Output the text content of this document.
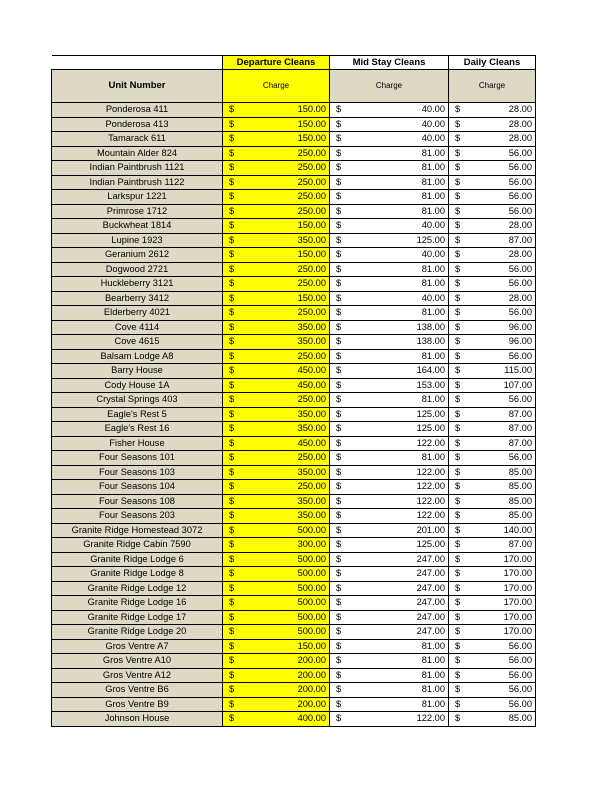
	Departure Cleans	Mid Stay Cleans	Daily Cleans
Unit Number	Charge	Charge	Charge
Ponderosa 411	$ 150.00	$ 40.00	$ 28.00

Ponderosa 413	$ 150.00	$ 40.00	$ 28.00

Tamarack 611	$ 150.00	$ 40.00	$ 28.00

Mountain Alder 824	$ 250.00	$ 81.00	$ 56.00

Indian Paintbrush 1121	$ 250.00	$ 81.00	$ 56.00

Indian Paintbrush 1122	$ 250.00	$ 81.00	$ 56.00

Larkspur 1221	$ 250.00	$ 81.00	$ 56.00

Primrose 1712	$ 250.00	$ 81.00	$ 56.00

Buckwheat 1814	$ 150.00	$ 40.00	$ 28.00

Lupine 1923	$ 350.00	$ 125.00	$ 87.00

Geranium 2612	$ 150.00	$ 40.00	$ 28.00

Dogwood 2721	$ 250.00	$ 81.00	$ 56.00

Huckleberry 3121	$ 250.00	$ 81.00	$ 56.00

Bearberry 3412	$ 150.00	$ 40.00	$ 28.00

Elderberry 4021	$ 250.00	$ 81.00	$ 56.00

Cove 4114	$ 350.00	$ 138.00	$ 96.00

Cove 4615	$ 350.00	$ 138.00	$ 96.00

Balsam Lodge A8	$ 250.00	$ 81.00	$ 56.00

Barry House	$ 450.00	$ 164.00	$ 115.00

Cody House 1A	$ 450.00	$ 153.00	$ 107.00

Crystal Springs 403	$ 250.00	$ 81.00	$ 56.00

Eagle's Rest 5	$ 350.00	$ 125.00	$ 87.00

Eagle's Rest 16	$ 350.00	$ 125.00	$ 87.00

Fisher House	$ 450.00	$ 122.00	$ 87.00

Four Seasons 101	$ 250.00	$ 81.00	$ 56.00

Four Seasons 103	$ 350.00	$ 122.00	$ 85.00

Four Seasons 104	$ 250.00	$ 122.00	$ 85.00

Four Seasons 108	$ 350.00	$ 122.00	$ 85.00

Four Seasons 203	$ 350.00	$ 122.00	$ 85.00

Granite Ridge Homestead 3072	$ 500.00	$ 201.00	$ 140.00

Granite Ridge Cabin 7590	$ 300.00	$ 125.00	$ 87.00

Granite Ridge Lodge 6	$ 500.00	$ 247.00	$ 170.00

Granite Ridge Lodge 8	$ 500.00	$ 247.00	$ 170.00

Granite Ridge Lodge 12	$ 500.00	$ 247.00	$ 170.00

Granite Ridge Lodge 16	$ 500.00	$ 247.00	$ 170.00

Granite Ridge Lodge 17	$ 500.00	$ 247.00	$ 170.00

Granite Ridge Lodge 20	$ 500.00	$ 247.00	$ 170.00

Gros Ventre A7	$ 150.00	$ 81.00	$ 56.00

Gros Ventre A10	$ 200.00	$ 81.00	$ 56.00

Gros Ventre A12	$ 200.00	$ 81.00	$ 56.00

Gros Ventre B6	$ 200.00	$ 81.00	$ 56.00

Gros Ventre B9	$ 200.00	$ 81.00	$ 56.00

Johnson House	$ 400.00	$ 122.00	$ 85.00
